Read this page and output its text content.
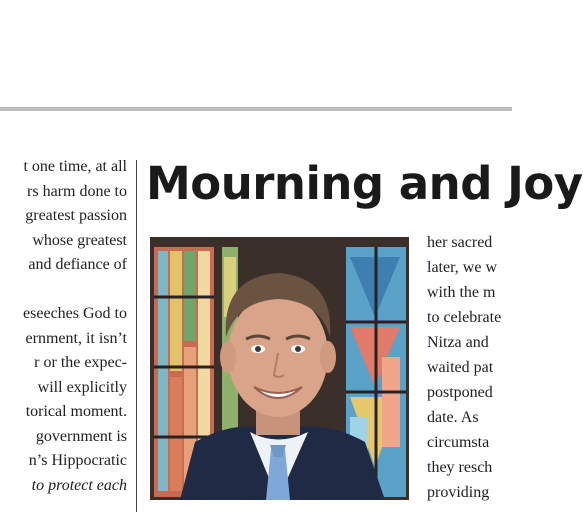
t one time, at all
rs harm done to
greatest passion
whose greatest
and defiance of

eseeches God to
ernment, it isn’t
r or the expec-
will explicitly
torical moment.
government is
n’s Hippocratic
to protect each
Mourning and Joy
her sacred
later, we w
with the m
to celebrate
Nitza and
waited pat
postponed
date. As
circumsta
they resch
providing
